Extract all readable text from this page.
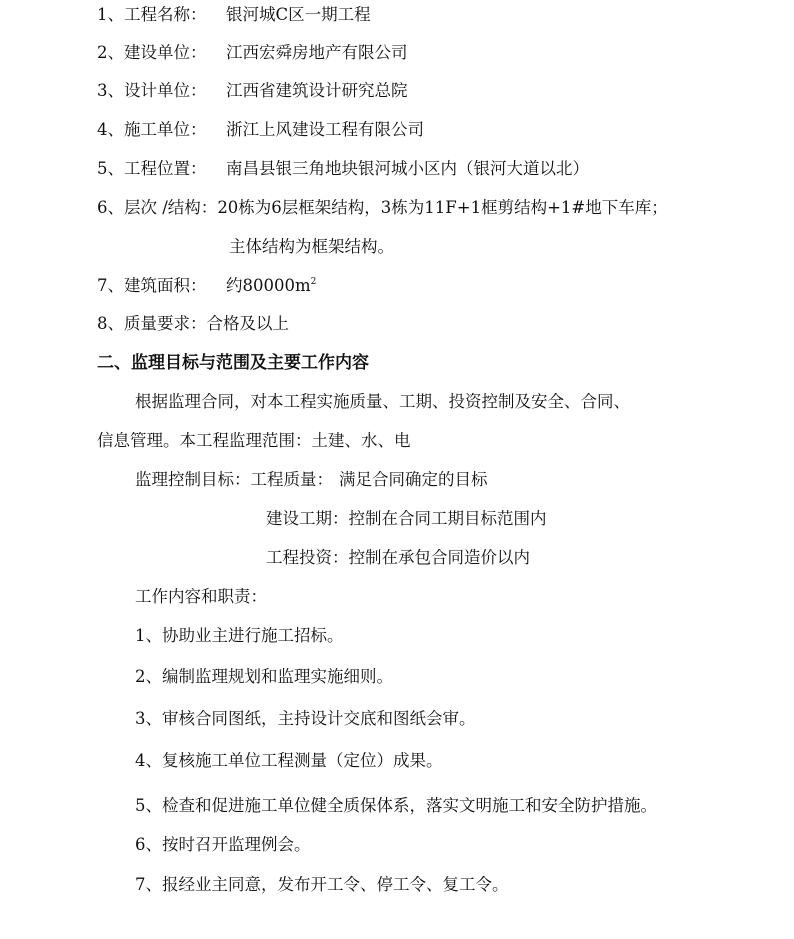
1、工程名称： 银河城C区一期工程
2、建设单位： 江西宏舜房地产有限公司
3、设计单位： 江西省建筑设计研究总院
4、施工单位： 浙江上风建设工程有限公司
5、工程位置： 南昌县银三角地块银河城小区内（银河大道以北）
6、层次 /结构：20栋为6层框架结构，3栋为11F+1框剪结构+1#地下车库；
主体结构为框架结构。
7、建筑面积： 约$80000m^2$
8、质量要求：合格及以上
二、监理目标与范围及主要工作内容
根据监理合同，对本工程实施质量、工期、投资控制及安全、合同、
信息管理。本工程监理范围：土建、水、电
监理控制目标：工程质量： 满足合同确定的目标
建设工期：控制在合同工期目标范围内
工程投资：控制在承包合同造价以内
工作内容和职责：
1、协助业主进行施工招标。
2、编制监理规划和监理实施细则。
3、审核合同图纸，主持设计交底和图纸会审。
4、复核施工单位工程测量（定位）成果。
5、检查和促进施工单位健全质保体系，落实文明施工和安全防护措施。
6、按时召开监理例会。
7、报经业主同意，发布开工令、停工令、复工令。
